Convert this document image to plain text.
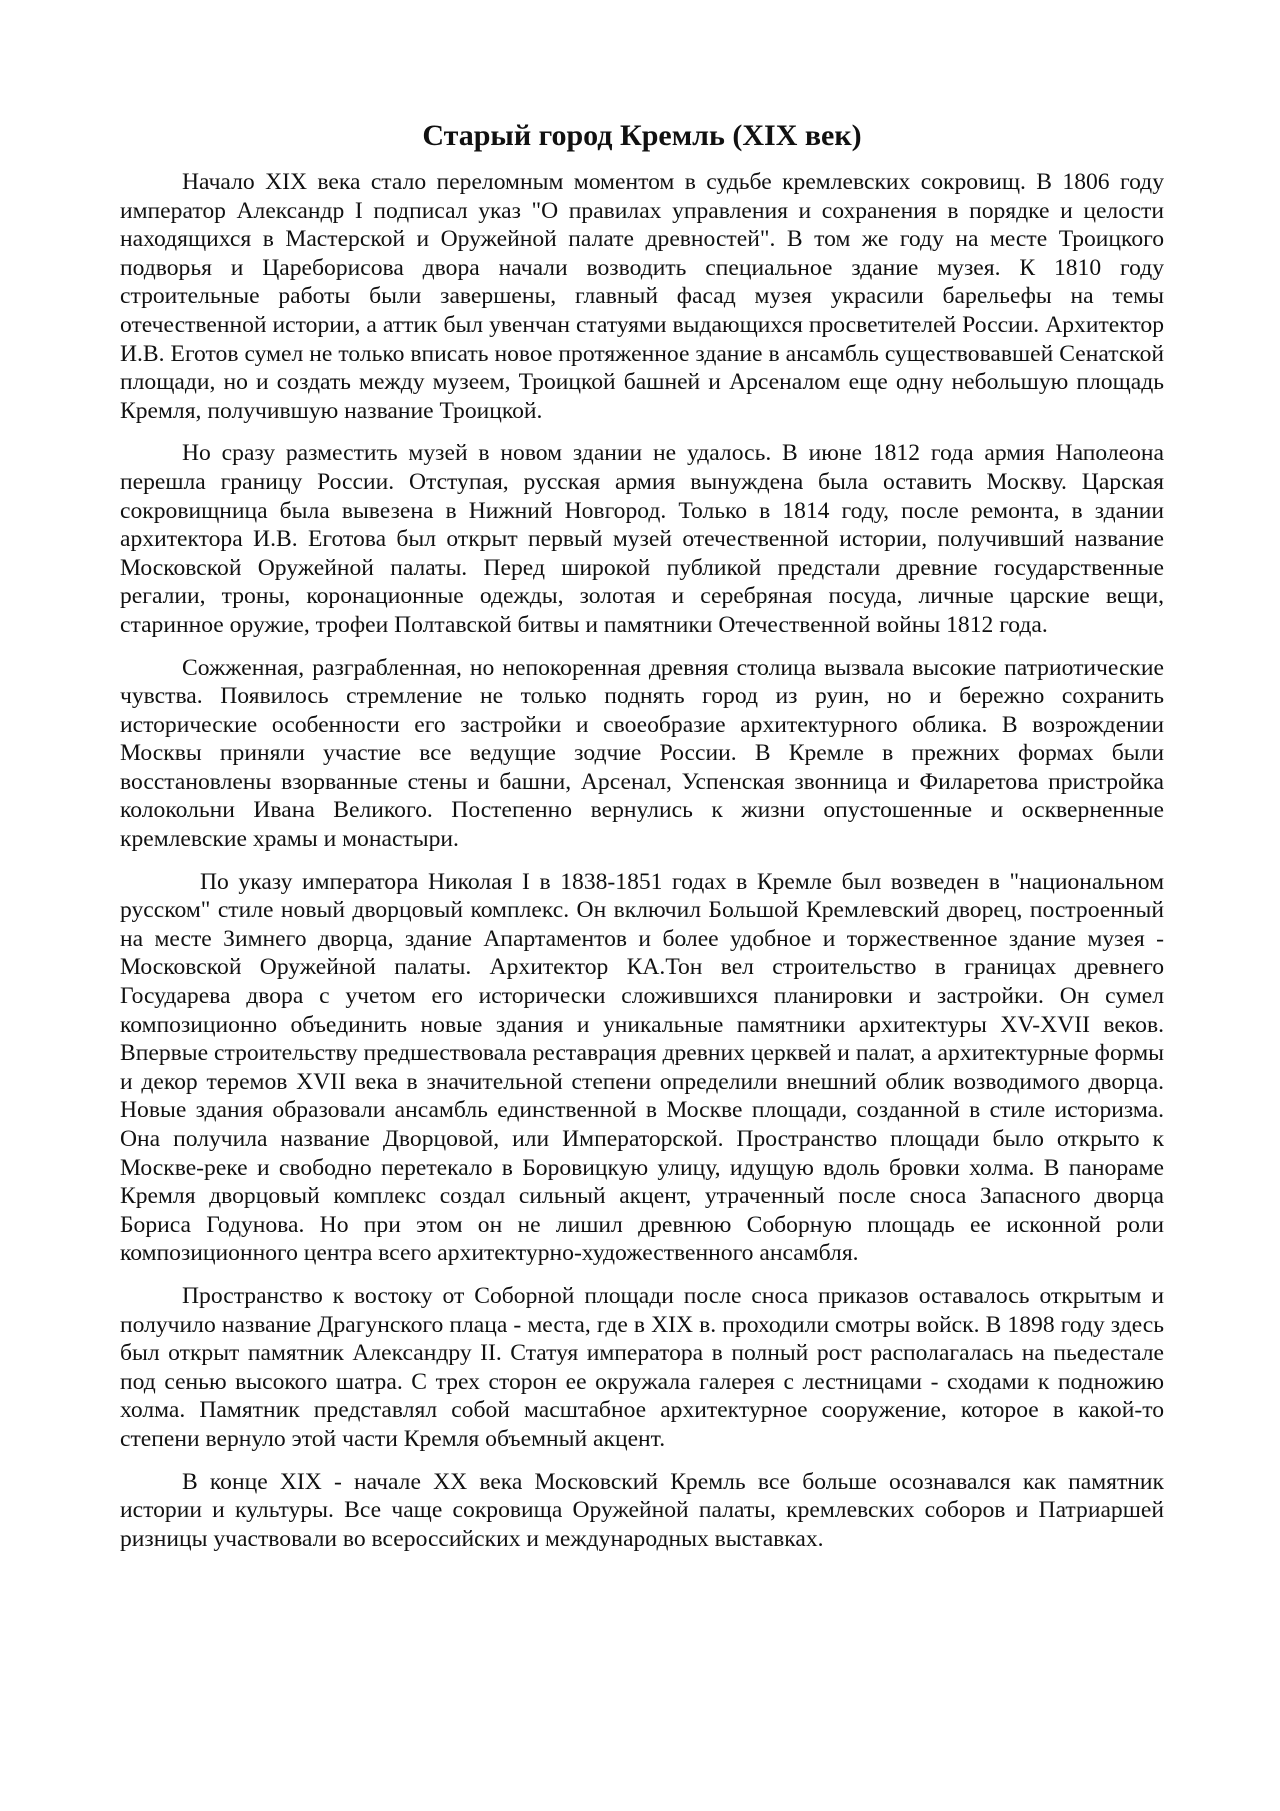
Старый город Кремль (XIX век)

Начало XIX века стало переломным моментом в судьбе кремлевских сокровищ. В 1806 году император Александр I подписал указ "О правилах управления и сохранения в порядке и целости находящихся в Мастерской и Оружейной палате древностей". В том же году на месте Троицкого подворья и Цареборисова двора начали возводить специальное здание музея. К 1810 году строительные работы были завершены, главный фасад музея украсили барельефы на темы отечественной истории, а аттик был увенчан статуями выдающихся просветителей России. Архитектор И.В. Еготов сумел не только вписать новое протяженное здание в ансамбль существовавшей Сенатской площади, но и создать между музеем, Троицкой башней и Арсеналом еще одну небольшую площадь Кремля, получившую название Троицкой.

Но сразу разместить музей в новом здании не удалось. В июне 1812 года армия Наполеона перешла границу России. Отступая, русская армия вынуждена была оставить Москву. Царская сокровищница была вывезена в Нижний Новгород. Только в 1814 году, после ремонта, в здании архитектора И.В. Еготова был открыт первый музей отечественной истории, получивший название Московской Оружейной палаты. Перед широкой публикой предстали древние государственные регалии, троны, коронационные одежды, золотая и серебряная посуда, личные царские вещи, старинное оружие, трофеи Полтавской битвы и памятники Отечественной войны 1812 года.

Сожженная, разграбленная, но непокоренная древняя столица вызвала высокие патриотические чувства. Появилось стремление не только поднять город из руин, но и бережно сохранить исторические особенности его застройки и своеобразие архитектурного облика. В возрождении Москвы приняли участие все ведущие зодчие России. В Кремле в прежних формах были восстановлены взорванные стены и башни, Арсенал, Успенская звонница и Филаретова пристройка колокольни Ивана Великого. Постепенно вернулись к жизни опустошенные и оскверненные кремлевские храмы и монастыри.

По указу императора Николая I в 1838-1851 годах в Кремле был возведен в "национальном русском" стиле новый дворцовый комплекс. Он включил Большой Кремлевский дворец, построенный на месте Зимнего дворца, здание Апартаментов и более удобное и торжественное здание музея - Московской Оружейной палаты. Архитектор КА.Тон вел строительство в границах древнего Государева двора с учетом его исторически сложившихся планировки и застройки. Он сумел композиционно объединить новые здания и уникальные памятники архитектуры XV-XVII веков. Впервые строительству предшествовала реставрация древних церквей и палат, а архитектурные формы и декор теремов XVII века в значительной степени определили внешний облик возводимого дворца. Новые здания образовали ансамбль единственной в Москве площади, созданной в стиле историзма. Она получила название Дворцовой, или Императорской. Пространство площади было открыто к Москве-реке и свободно перетекало в Боровицкую улицу, идущую вдоль бровки холма. В панораме Кремля дворцовый комплекс создал сильный акцент, утраченный после сноса Запасного дворца Бориса Годунова. Но при этом он не лишил древнюю Соборную площадь ее исконной роли композиционного центра всего архитектурно-художественного ансамбля.

Пространство к востоку от Соборной площади после сноса приказов оставалось открытым и получило название Драгунского плаца - места, где в XIX в. проходили смотры войск. В 1898 году здесь был открыт памятник Александру II. Статуя императора в полный рост располагалась на пьедестале под сенью высокого шатра. С трех сторон ее окружала галерея с лестницами - сходами к подножию холма. Памятник представлял собой масштабное архитектурное сооружение, которое в какой-то степени вернуло этой части Кремля объемный акцент.

В конце XIX - начале XX века Московский Кремль все больше осознавался как памятник истории и культуры. Все чаще сокровища Оружейной палаты, кремлевских соборов и Патриаршей ризницы участвовали во всероссийских и международных выставках.
